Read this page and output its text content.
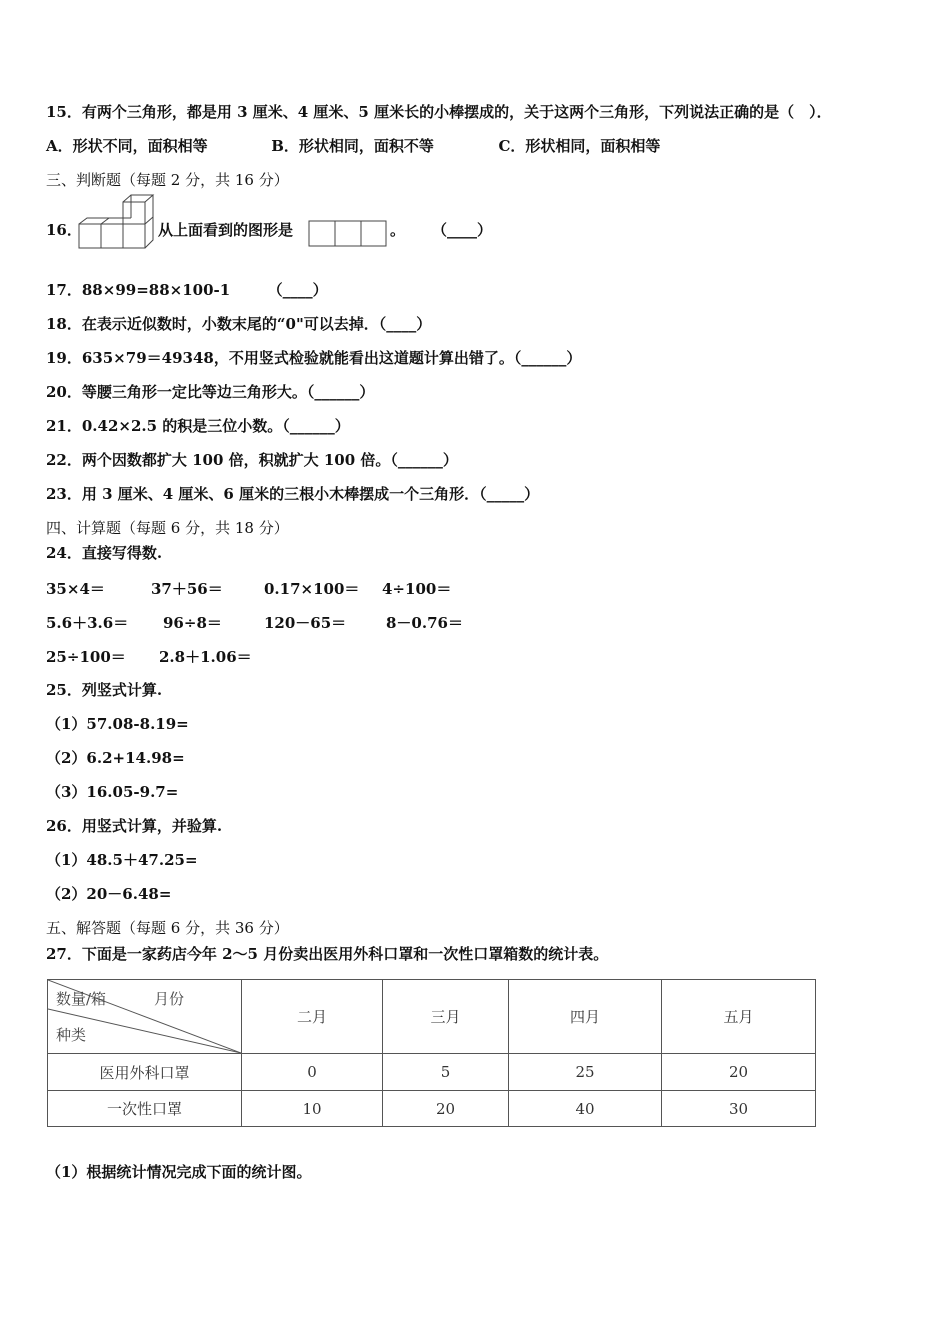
15．有两个三角形，都是用 3 厘米、4 厘米、5 厘米长的小棒摆成的，关于这两个三角形，下列说法正确的是（　）．
A．形状不同，面积相等	B．形状相同，面积不等	C．形状相同，面积相等
三、判断题（每题 2 分，共 16 分）
16．	从上面看到的图形是	。 （____）
17．88×99=88×100-1　　　（____）
18．在表示近似数时，小数末尾的“0"可以去掉．（____）
19．635×79＝49348，不用竖式检验就能看出这道题计算出错了。（______）
20．等腰三角形一定比等边三角形大。（______）
21．0.42×2.5 的积是三位小数。（______）
22．两个因数都扩大 100 倍，积就扩大 100 倍。（______）
23．用 3 厘米、4 厘米、6 厘米的三根小木棒摆成一个三角形．（_____）
四、计算题（每题 6 分，共 18 分）
24．直接写得数.
35×4＝	37＋56＝	0.17×100＝ 4÷100＝
5.6＋3.6＝ 96÷8＝	120－65＝	8－0.76＝
25÷100＝ 2.8＋1.06＝
25．列竖式计算.
（1）57.08-8.19=
（2）6.2+14.98=
（3）16.05-9.7=
26．用竖式计算，并验算.
（1）48.5＋47.25=
（2）20－6.48=
五、解答题（每题 6 分，共 36 分）
27．下面是一家药店今年 2～5 月份卖出医用外科口罩和一次性口罩箱数的统计表。
数量/箱 月份
种类	二月	三月	四月	五月
医用外科口罩	0	5	25	20
一次性口罩	10	20	40	30
（1）根据统计情况完成下面的统计图。
